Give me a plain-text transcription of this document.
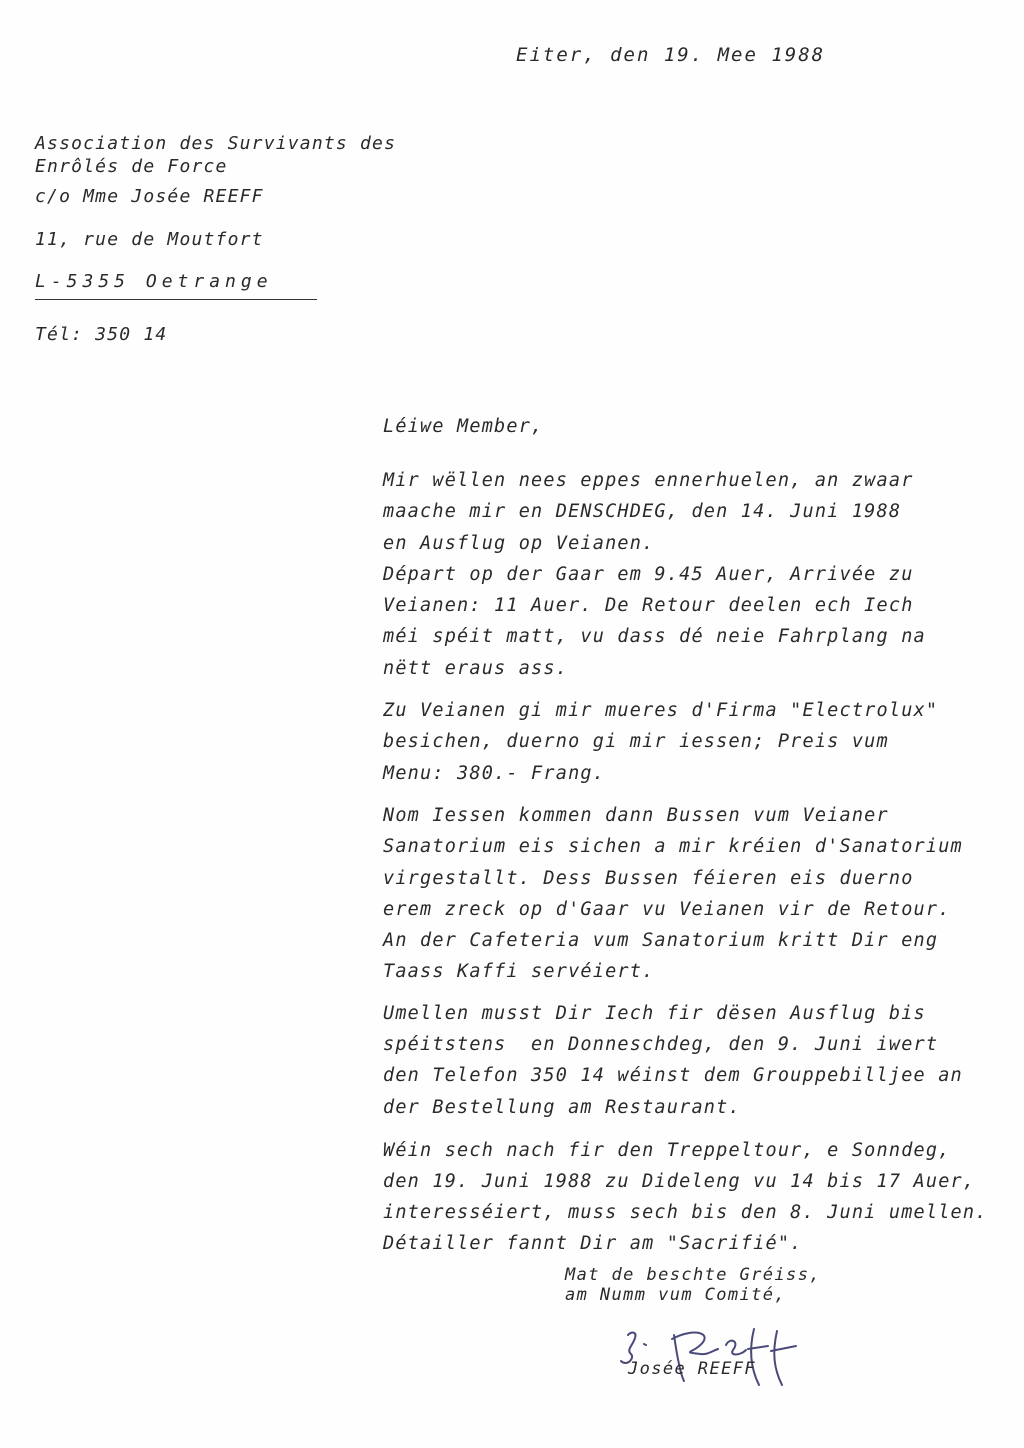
Eiter, den 19. Mee 1988
Association des Survivants des
Enrôlés de Force
c/o Mme Josée REEFF
11, rue de Moutfort
L-5355 Oetrange
Tél: 350 14
Léiwe Member,
Mir wëllen nees eppes ennerhuelen, an zwaar
maache mir en DENSCHDEG, den 14. Juni 1988
en Ausflug op Veianen.
Départ op der Gaar em 9.45 Auer, Arrivée zu
Veianen: 11 Auer. De Retour deelen ech Iech
méi spéit matt, vu dass dé neie Fahrplang na
nëtt eraus ass.
Zu Veianen gi mir mueres d'Firma "Electrolux"
besichen, duerno gi mir iessen; Preis vum
Menu: 380.- Frang.
Nom Iessen kommen dann Bussen vum Veianer
Sanatorium eis sichen a mir kréien d'Sanatorium
virgestallt. Dess Bussen féieren eis duerno
erem zreck op d'Gaar vu Veianen vir de Retour.
An der Cafeteria vum Sanatorium kritt Dir eng
Taass Kaffi servéiert.
Umellen musst Dir Iech fir dësen Ausflug bis
spéitstens  en Donneschdeg, den 9. Juni iwert
den Telefon 350 14 wéinst dem Grouppebilljee an
der Bestellung am Restaurant.
Wéin sech nach fir den Treppeltour, e Sonndeg,
den 19. Juni 1988 zu Dideleng vu 14 bis 17 Auer,
interesséiert, muss sech bis den 8. Juni umellen.
Détailler fannt Dir am "Sacrifié".
Mat de beschte Gréiss,
am Numm vum Comité,
Josée REEFF
